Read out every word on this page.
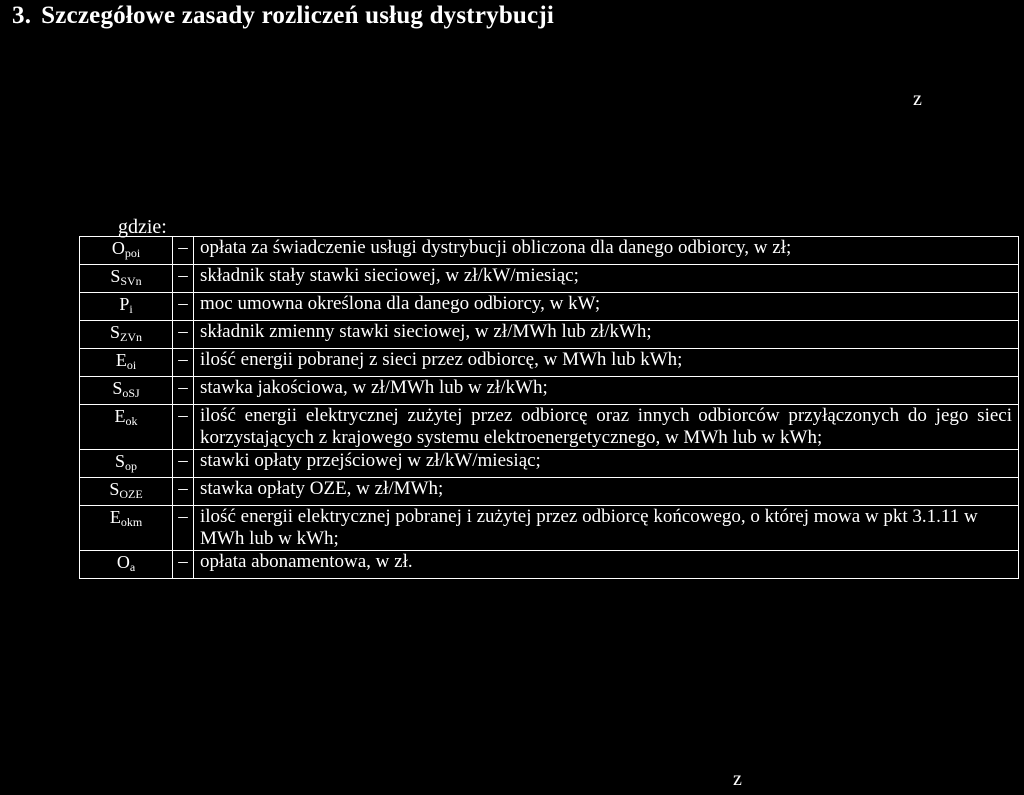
3. Szczegółowe zasady rozliczeń usług dystrybucji
z
gdzie:
$O_{poi}$	–	opłata za świadczenie usługi dystrybucji obliczona dla danego odbiorcy, w zł;
$S_{SVn}$	–	składnik stały stawki sieciowej, w zł/kW/miesiąc;
$P_i$	–	moc umowna określona dla danego odbiorcy, w kW;
$S_{ZVn}$	–	składnik zmienny stawki sieciowej, w zł/MWh lub zł/kWh;
$E_{oi}$	–	ilość energii pobranej z sieci przez odbiorcę, w MWh lub kWh;
$S_{oSJ}$	–	stawka jakościowa, w zł/MWh lub w zł/kWh;
$E_{ok}$	–	ilość energii elektrycznej zużytej przez odbiorcę oraz innych odbiorców przyłączonych do jego sieci korzystających z krajowego systemu elektroenergetycznego, w MWh lub w kWh;
$S_{op}$	–	stawki opłaty przejściowej w zł/kW/miesiąc;
$S_{OZE}$	–	stawka opłaty OZE, w zł/MWh;
$E_{okm}$	–	ilość energii elektrycznej pobranej i zużytej przez odbiorcę końcowego, o której mowa w pkt 3.1.11 w MWh lub w kWh;
$O_a$	–	opłata abonamentowa, w zł.
z
